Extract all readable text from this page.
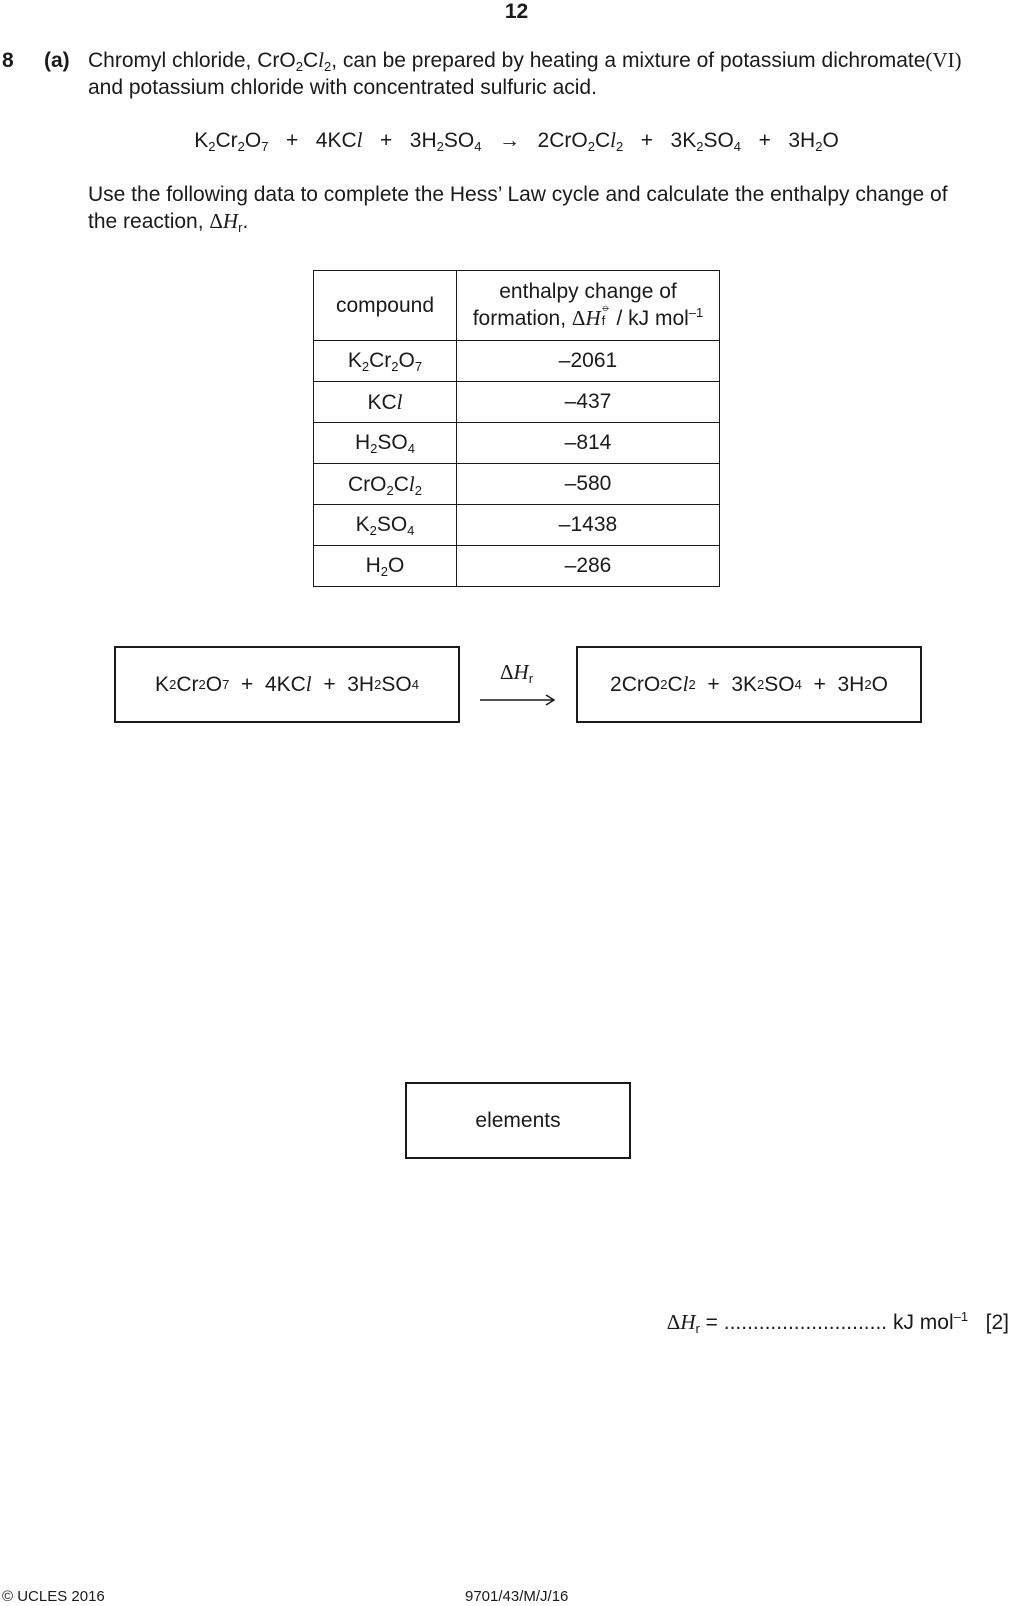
12
8 (a) Chromyl chloride, $CrO_2Cl_2$, can be prepared by heating a mixture of potassium dichromate(VI)
and potassium chloride with concentrated sulfuric acid.
$K_2Cr_2O_7 + 4KCl + 3H_2SO_4 \to 2CrO_2Cl_2 + 3K_2SO_4 + 3H_2O$
Use the following data to complete the Hess’ Law cycle and calculate the enthalpy change of
the reaction, $\Delta H_r$.
compound	enthalpy change of
formation, ΔH ⦵
f / kJ mol$^{-1}$

$K_2Cr_2O_7$	–2061
KCl	–437
$H_2SO_4$	–814
$CrO_2Cl_2$	–580
$K_2SO_4$	–1438
$H_2O$	–286
K 2 Cr 2 O 7
+
4KC l
+
3H 2 SO 4	$\Delta H_r$	2CrO 2 C l 2
+
3K 2 SO 4
+
3H 2 O
elements
$\Delta H_r$ = ............................ kJ mol$^{-1}$ [2]
© UCLES 2016	9701/43/M/J/16
